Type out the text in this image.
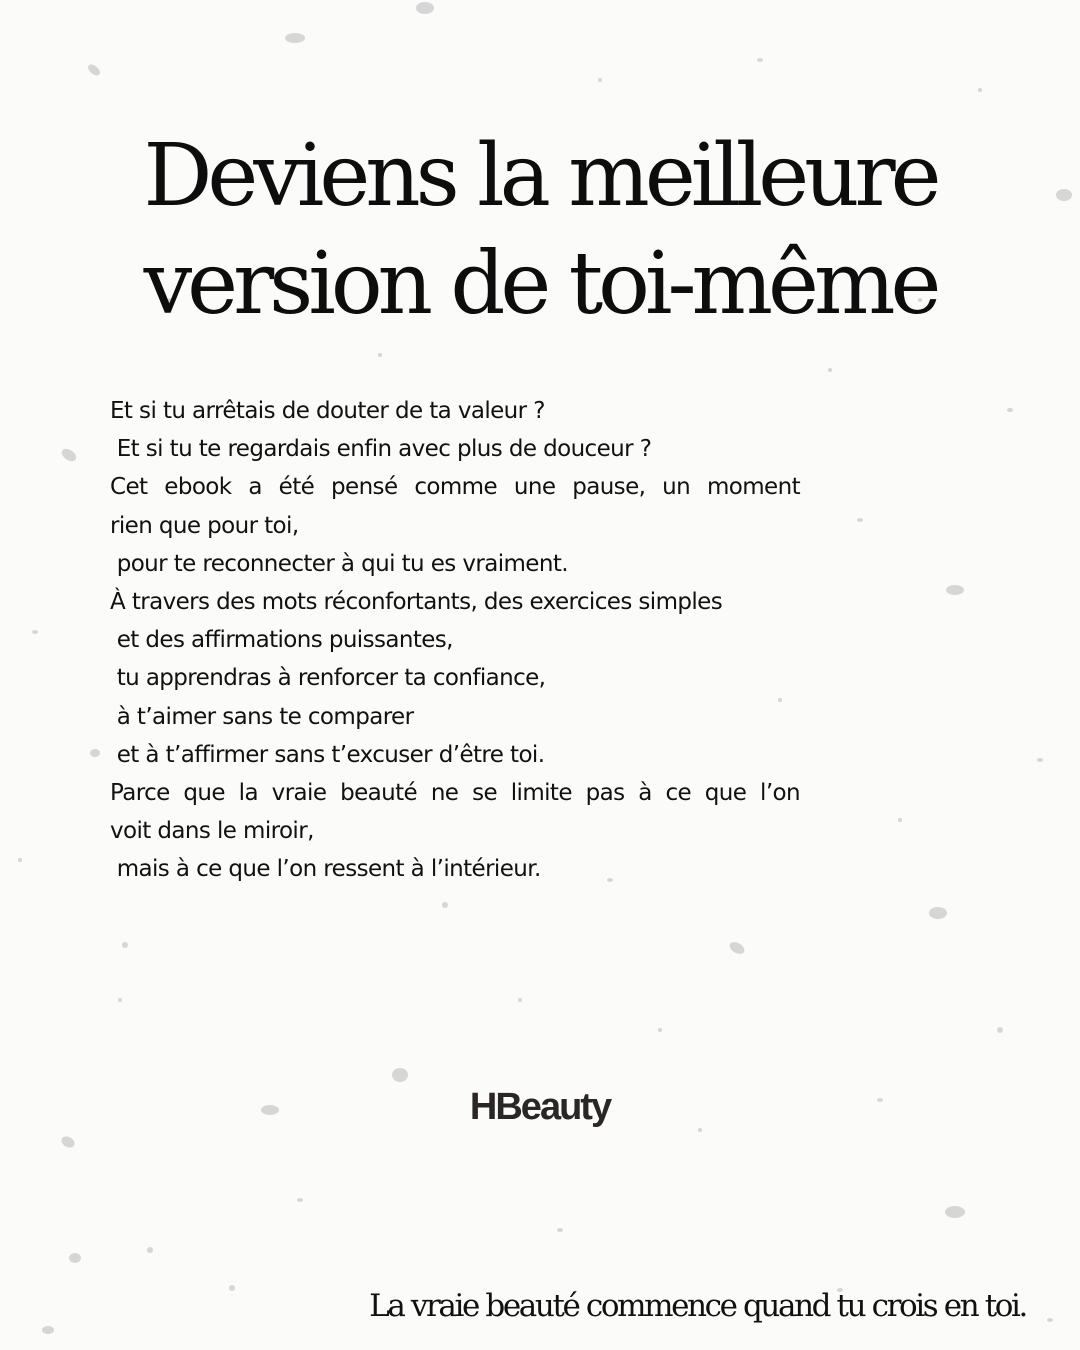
Deviens la meilleure
version de toi-même
Et si tu arrêtais de douter de ta valeur ?
Et si tu te regardais enfin avec plus de douceur ?
Cet ebook a été pensé comme une pause, un moment
rien que pour toi,
pour te reconnecter à qui tu es vraiment.
À travers des mots réconfortants, des exercices simples
et des affirmations puissantes,
tu apprendras à renforcer ta confiance,
à t’aimer sans te comparer
et à t’affirmer sans t’excuser d’être toi.
Parce que la vraie beauté ne se limite pas à ce que l’on
voit dans le miroir,
mais à ce que l’on ressent à l’intérieur.
HBeauty
La vraie beauté commence quand tu crois en toi.
